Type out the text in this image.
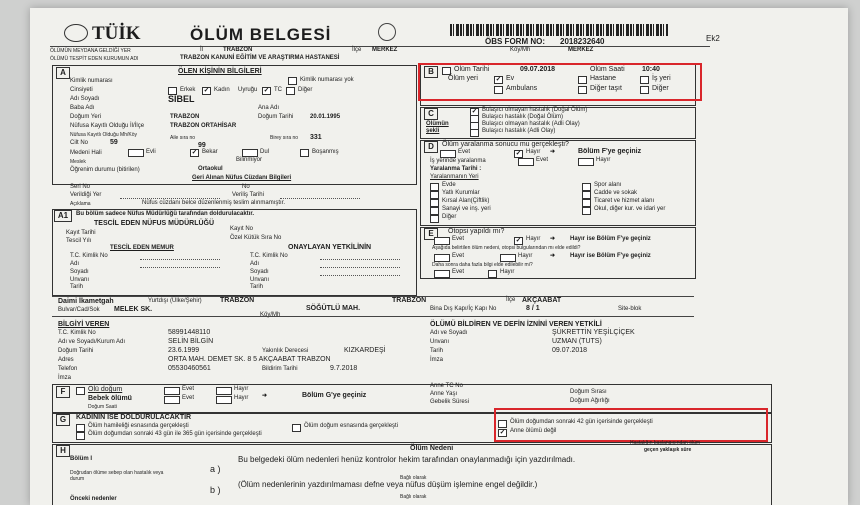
TÜİK	ÖLÜM BELGESİ	ÖBS FORM NO: 2018232640	Ek2
ÖLÜMÜN MEYDANA GELDİĞİ YER	İl	TRABZON	İlçe MERKEZ	Köy/Mh	MERKEZ
ÖLÜMÜ TESPİT EDEN KURUMUN ADI	TRABZON KANUNİ EĞİTİM VE ARAŞTIRMA HASTANESİ
A	ÖLEN KİŞİNİN BİLGİLERİ
Kimlik numarası	Kimlik numarası yok
Cinsiyeti	Erkek ✓ Kadın Uyruğu ✓ TC	Diğer
Adı Soyadı	SİBEL
Baba Adı	Ana Adı
Doğum Yeri	TRABZON	Doğum Tarihi	20.01.1995
Nüfusa Kayıtlı Olduğu İl/İlçe	TRABZON ORTAHİSAR
Nüfusa Kayıtlı Olduğu Mh/Köy
Cilt No	59
Aile sıra no
99
Birey sıra no 331
Medeni Hali	Evli	✓ Bekar	Dul	Boşanmış
Bilinmiyor
Meslek
Öğrenim durumu (bitirilen)	Ortaokul
Geri Alınan Nüfus Cüzdanı Bilgileri
Seri No	No
Verildiği Yer	Veriliş Tarihi
Açıklama	Nüfus cüzdanı belce düzenlenmiş teslim alınmamıştır.
A1	Bu bölüm sadece Nüfus Müdürlüğü tarafından doldurulacaktır.
TESCİL EDEN NÜFUS MÜDÜRLÜĞÜ
Kayıt Tarihi
Kayıt No
Tescil Yılı	Özel Kütük Sıra No
TESCİL EDEN MEMUR	ONAYLAYAN YETKİLİNİN
T.C. Kimlik No	T.C. Kimlik No
Adı	Adı
Soyadı	Soyadı
Unvanı	Unvanı
Tarih	Tarih
B	Ölüm Tarihi	09.07.2018	Ölüm Saati 10:40
Ölüm yeri	✓ Ev	Hastane	İş yeri
Ambulans	Diğer taşıt	Diğer
C
Ölümün şekli
✓ Bulaşıcı olmayan hastalık (Doğal Ölüm)
Bulaşıcı hastalık (Doğal Ölüm)
Bulaşıcı olmayan hastalık (Adli Olay)
Bulaşıcı hastalık (Adli Olay)
D	Ölüm yaralanma sonucu mu gerçekleşti?
Evet	✓ Hayır ➜	Bölüm F'ye geçiniz
İş yerinde yaralanma	Evet	Hayır
Yaralanma Tarihi :
Yaralanmanın Yeri
Evde	Spor alanı
Yatlı Kurumlar	Cadde ve sokak
Kırsal Alan(Çiftlik)	Ticaret ve hizmet alanı
Sanayi ve inş. yeri	Okul, diğer kur. ve idari yer
Diğer
E	Otopsi yapıldı mı?
Evet	✓ Hayır ➜ Hayır ise Bölüm F'ye geçiniz
Aşağıda belirtilen ölüm nedeni, otopsi bulgularından mı elde edildi?
Evet	Hayır	➜ Hayır ise Bölüm F'ye geçiniz
Daha sonra daha fazla bilgi elde edilebilir mi?
Evet	Hayır
Daimi İkametgah	Yurtdışı (Ülke/Şehir)	TRABZON	TRABZON	İlçe AKÇAABAT
Bulvar/Cad/Sok MELEK SK.
Köy/Mh
SÖĞÜTLÜ MAH.	Bina Dış Kapı/İç Kapı No	8 / 1	Site-blok
BİLGİYİ VEREN
T.C. Kimlik No	58991448110
Adı ve Soyadı/Kurum Adı	SELİN BİLGİN
Yakınlık Derecesi	KIZKARDEŞİ
Doğum Tarihi	23.6.1999
Adres	ORTA MAH. DEMET SK. 8 5 AKÇAABAT TRABZON
Telefon	05530460561	Bildirim Tarihi	9.7.2018
İmza
ÖLÜMÜ BİLDİREN VE DEFİN İZNİNİ VEREN YETKİLİ
Adı ve Soyadı	ŞÜKRETTİN YEŞİLÇİÇEK
Unvanı	UZMAN (TUTS)
Tarih	09.07.2018
İmza
F	Ölü doğum
Bebek ölümü
Doğum Saati
Evet	Hayır
Evet	Hayır ➜	Bölüm G'ye geçiniz
Anne TC No
Anne Yaşı
Gebelik Süresi
Doğum Sırası
Doğum Ağırlığı
G	KADININ İSE DOLDURULACAKTIR
Ölüm hamileliği esnasında gerçekleşti	Ölüm doğum esnasında gerçekleşti
Ölüm doğumdan sonraki 42 gün içerisinde gerçekleşti
Ölüm doğumdan sonraki 43 gün ile 365 gün içerisinde gerçekleşti	✓ Anne ölümü değil
H	Ölüm Nedeni
Hastalığın başlangıcından ölüm
geçen yaklaşık süre
Bölüm I
Doğrudan ölüme sebep olan hastalık veya durum
a )
Bu belgedeki ölüm nedenleri henüz kontrolor hekim tarafından onaylanmadığı için yazdırılmadı.
Bağlı olarak
b )
(Ölüm nedenlerinin yazdırılmaması defne veya nüfus düşüm işlemine engel değildir.)
Önceki nedenler	Bağlı olarak
